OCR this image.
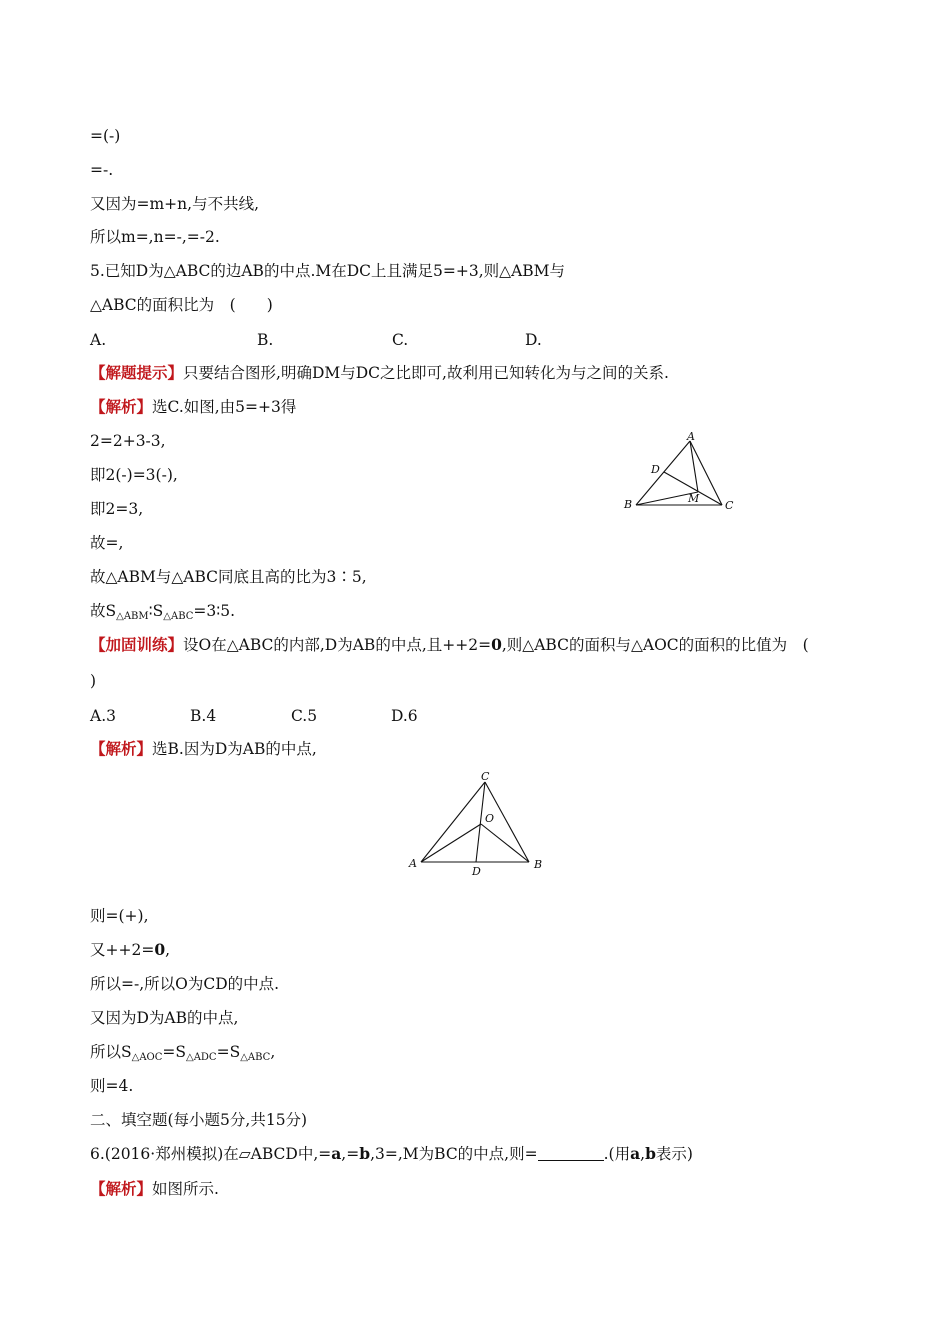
=(-)
=-.
又因为=m+n,与不共线,
所以m=,n=-,=-2.
5.已知D为△ABC的边AB的中点.M在DC上且满足5=+3,则△ABM与
△ABC的面积比为　(　　)
A.	B.	C.	D.
【解题提示】只要结合图形,明确DM与DC之比即可,故利用已知转化为与之间的关系.
【解析】选C.如图,由5=+3得
2=2+3-3,
即2(-)=3(-),
即2=3,
故=,
故△ABM与△ABC同底且高的比为3∶5,
故$S_{\triangle ABM}∶S_{\triangle ABC}=3∶5$.
A
D
B	M
C
【加固训练】设O在△ABC的内部,D为AB的中点,且++2=0,则△ABC的面积与△AOC的面积的比值为　(
)
A.3	B.4	C.5	D.6
【解析】选B.因为D为AB的中点,
C
O
A
D
B
则=(+),
又++2=0,
所以=-,所以O为CD的中点.
又因为D为AB的中点,
所以$S_{\triangle AOC}=S_{\triangle ADC}=S_{\triangle ABC}$,
则=4.
二、填空题(每小题5分,共15分)
6.(2016·郑州模拟)在▱ABCD中,=a,=b,3=,M为BC的中点,则=	.(用a,b表示)
【解析】如图所示.
